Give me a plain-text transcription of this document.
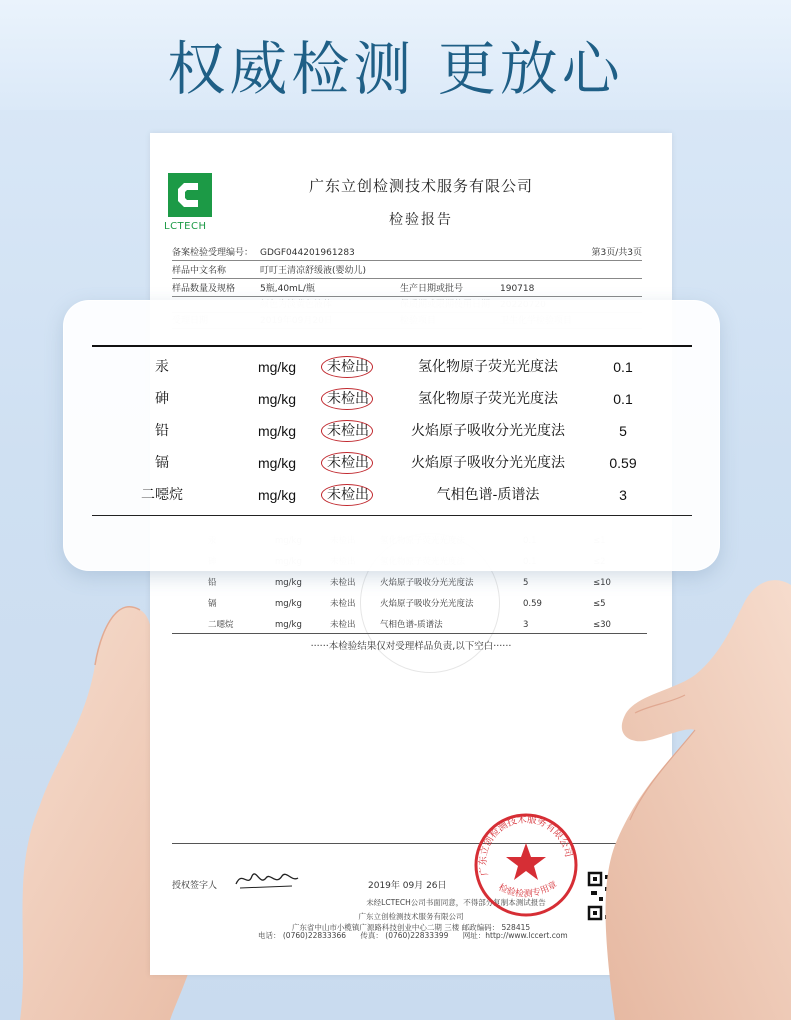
权威检测 更放心
LCTECH
广东立创检测技术服务有限公司
检验报告
备案检验受理编号： GDGF044201961283	第3页/共3页
样品中文名称	叮叮王清凉舒缓液(婴幼儿)
样品数量及规格	5瓶,40mL/瓶	生产日期或批号	190718
铅	mg/kg	未检出	火焰原子吸收分光光度法	5	≤10
镉	mg/kg	未检出	火焰原子吸收分光光度法	0.59	≤5
二噁烷	mg/kg	未检出	气相色谱-质谱法	3	≤30
······本检验结果仅对受理样品负责,以下空白······
授权签字人	2019年 09月 26日
未经LCTECH公司书面同意，不得部分复制本测试报告
广东立创检测技术服务有限公司
广东省中山市小榄镇广源路科技创业中心二期 三楼 邮政编码： 528415
电话： (0760)22833366 传真： (0760)22833399 网址：http://www.lccert.com
广东立创检测技术服务有限公司
检验检测专用章
汞	mg/kg	未检出	氢化物原子荧光光度法	0.1
砷	mg/kg	未检出	氢化物原子荧光光度法	0.1
铅	mg/kg	未检出	火焰原子吸收分光光度法	5
镉	mg/kg	未检出	火焰原子吸收分光光度法	0.59
二噁烷	mg/kg	未检出	气相色谱-质谱法	3
